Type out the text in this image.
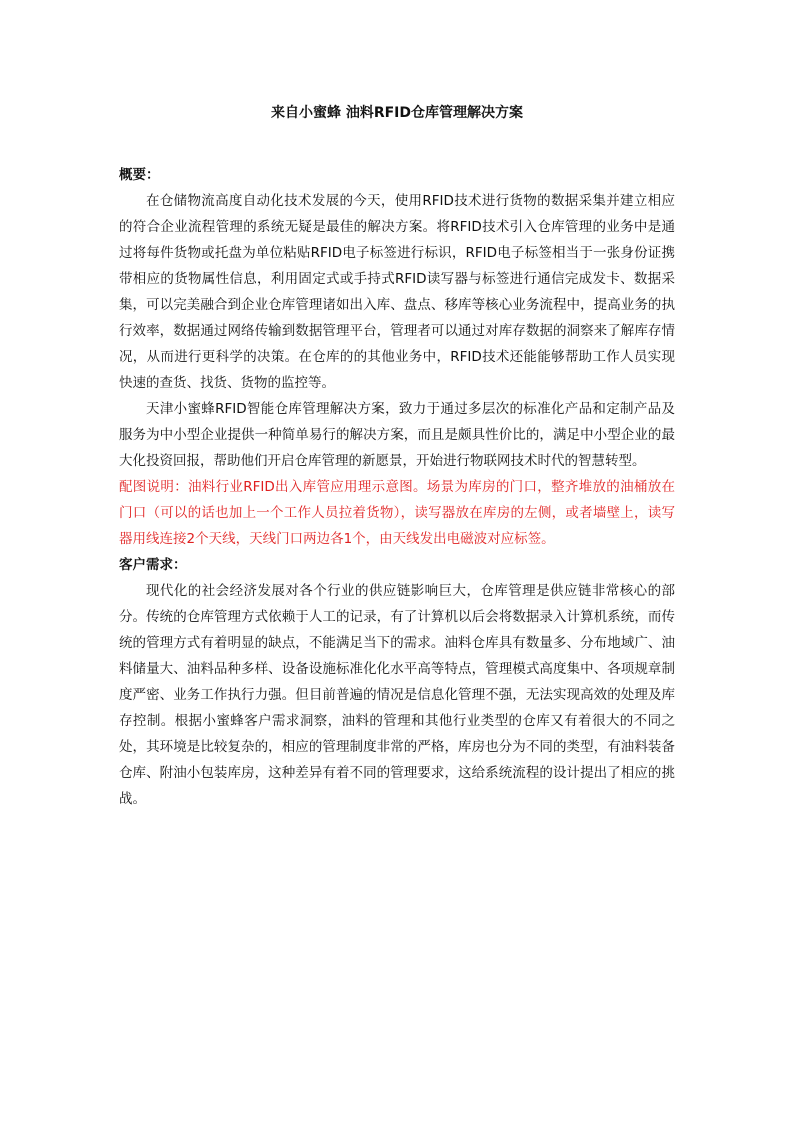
来自小蜜蜂 油料RFID仓库管理解决方案

概要：

在仓储物流高度自动化技术发展的今天，使用RFID技术进行货物的数据采集并建立相应的符合企业流程管理的系统无疑是最佳的解决方案。将RFID技术引入仓库管理的业务中是通过将每件货物或托盘为单位粘贴RFID电子标签进行标识，RFID电子标签相当于一张身份证携带相应的货物属性信息，利用固定式或手持式RFID读写器与标签进行通信完成发卡、数据采集，可以完美融合到企业仓库管理诸如出入库、盘点、移库等核心业务流程中，提高业务的执行效率，数据通过网络传输到数据管理平台，管理者可以通过对库存数据的洞察来了解库存情况，从而进行更科学的决策。在仓库的的其他业务中，RFID技术还能能够帮助工作人员实现快速的查货、找货、货物的监控等。

天津小蜜蜂RFID智能仓库管理解决方案，致力于通过多层次的标准化产品和定制产品及服务为中小型企业提供一种简单易行的解决方案，而且是颇具性价比的，满足中小型企业的最大化投资回报，帮助他们开启仓库管理的新愿景，开始进行物联网技术时代的智慧转型。

配图说明：油料行业RFID出入库管应用理示意图。场景为库房的门口，整齐堆放的油桶放在门口（可以的话也加上一个工作人员拉着货物），读写器放在库房的左侧，或者墙壁上，读写器用线连接2个天线，天线门口两边各1个，由天线发出电磁波对应标签。

客户需求：

现代化的社会经济发展对各个行业的供应链影响巨大，仓库管理是供应链非常核心的部分。传统的仓库管理方式依赖于人工的记录，有了计算机以后会将数据录入计算机系统，而传统的管理方式有着明显的缺点，不能满足当下的需求。油料仓库具有数量多、分布地域广、油料储量大、油料品种多样、设备设施标准化化水平高等特点，管理模式高度集中、各项规章制度严密、业务工作执行力强。但目前普遍的情况是信息化管理不强，无法实现高效的处理及库存控制。根据小蜜蜂客户需求洞察，油料的管理和其他行业类型的仓库又有着很大的不同之处，其环境是比较复杂的，相应的管理制度非常的严格，库房也分为不同的类型，有油料装备仓库、附油小包装库房，这种差异有着不同的管理要求，这给系统流程的设计提出了相应的挑战。
